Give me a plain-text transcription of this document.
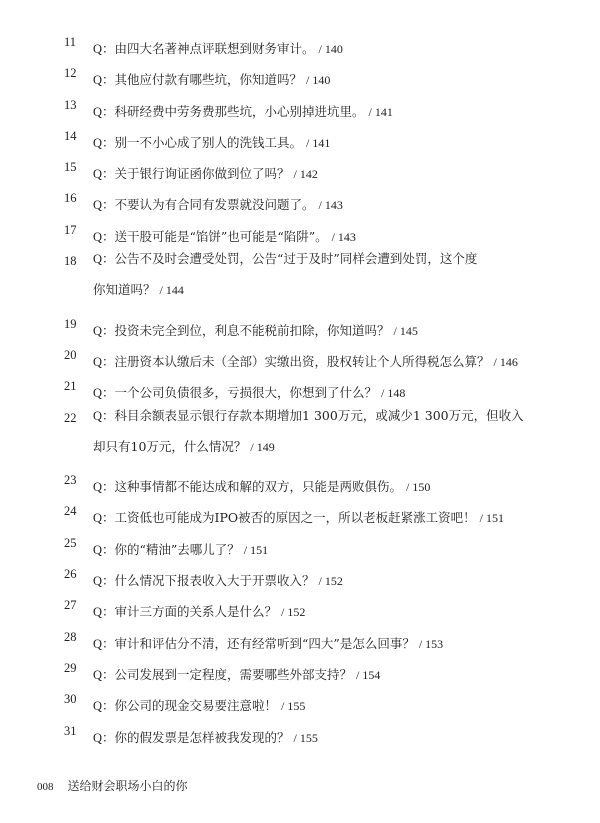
11 Q：由四大名著神点评联想到财务审计。 / 140
12 Q：其他应付款有哪些坑，你知道吗？ / 140
13 Q：科研经费中劳务费那些坑，小心别掉进坑里。 / 141
14 Q：别一不小心成了别人的洗钱工具。 / 141
15 Q：关于银行询证函你做到位了吗？ / 142
16 Q：不要认为有合同有发票就没问题了。 / 143
17 Q：送干股可能是“馅饼”也可能是“陷阱”。 / 143
18 Q：公告不及时会遭受处罚，公告“过于及时”同样会遭到处罚，这个度
你知道吗？ / 144
19 Q：投资未完全到位，利息不能税前扣除，你知道吗？ / 145
20 Q：注册资本认缴后未（全部）实缴出资，股权转让个人所得税怎么算？ / 146
21 Q：一个公司负债很多，亏损很大，你想到了什么？ / 148
22 Q：科目余额表显示银行存款本期增加1 300万元，或减少1 300万元，但收入
却只有10万元，什么情况？ / 149
23 Q：这种事情都不能达成和解的双方，只能是两败俱伤。 / 150
24 Q：工资低也可能成为IPO被否的原因之一，所以老板赶紧涨工资吧！ / 151
25 Q：你的“精油”去哪儿了？ / 151
26 Q：什么情况下报表收入大于开票收入？ / 152
27 Q：审计三方面的关系人是什么？ / 152
28 Q：审计和评估分不清，还有经常听到“四大”是怎么回事？ / 153
29 Q：公司发展到一定程度，需要哪些外部支持？ / 154
30 Q：你公司的现金交易要注意啦！ / 155
31 Q：你的假发票是怎样被我发现的？ / 155
008 送给财会职场小白的你
